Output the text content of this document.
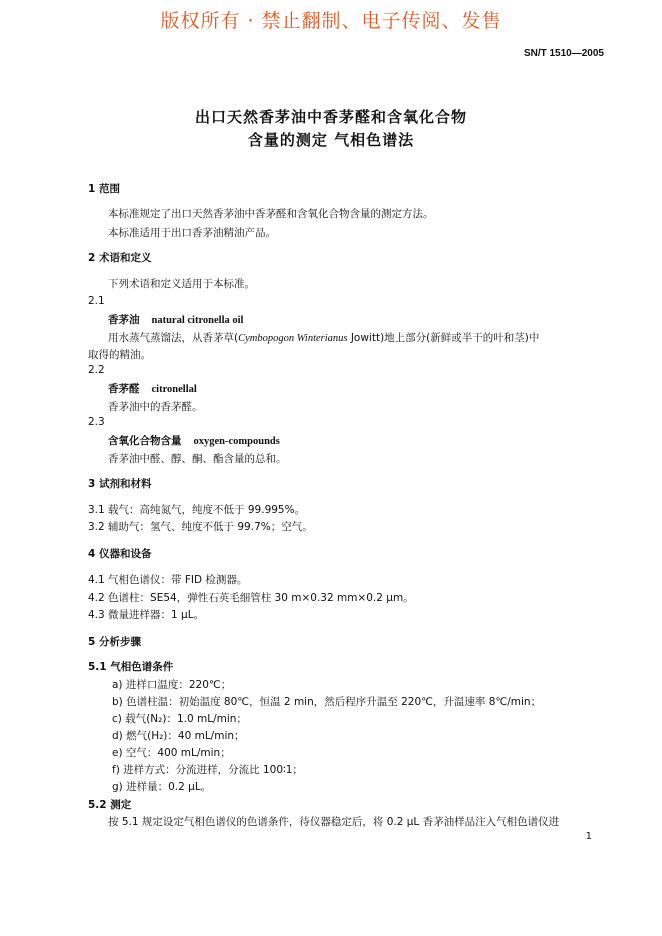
版权所有 · 禁止翻制、电子传阅、发售
SN/T 1510—2005
出口天然香茅油中香茅醛和含氧化合物
含量的测定 气相色谱法
1 范围
本标准规定了出口天然香茅油中香茅醛和含氧化合物含量的测定方法。
本标准适用于出口香茅油精油产品。
2 术语和定义
下列术语和定义适用于本标准。
2.1
香茅油 natural citronella oil
用水蒸气蒸馏法，从香茅草(Cymbopogon Winterianus Jowitt)地上部分(新鲜或半干的叶和茎)中
取得的精油。
2.2
香茅醛 citronellal
香茅油中的香茅醛。
2.3
含氧化合物含量 oxygen-compounds
香茅油中醛、醇、酮、酯含量的总和。
3 试剂和材料
3.1 载气：高纯氮气，纯度不低于 99.995%。
3.2 辅助气：氢气、纯度不低于 99.7%；空气。
4 仪器和设备
4.1 气相色谱仪：带 FID 检测器。
4.2 色谱柱：SE54，弹性石英毛细管柱 30 m×0.32 mm×0.2 μm。
4.3 微量进样器：1 μL。
5 分析步骤
5.1 气相色谱条件
a) 进样口温度：220℃；
b) 色谱柱温：初始温度 80℃，恒温 2 min，然后程序升温至 220℃，升温速率 8℃/min；
c) 载气(N₂)：1.0 mL/min；
d) 燃气(H₂)：40 mL/min；
e) 空气：400 mL/min；
f) 进样方式：分流进样，分流比 100∶1；
g) 进样量：0.2 μL。
5.2 测定
按 5.1 规定设定气相色谱仪的色谱条件，待仪器稳定后，将 0.2 μL 香茅油样品注入气相色谱仪进
1
